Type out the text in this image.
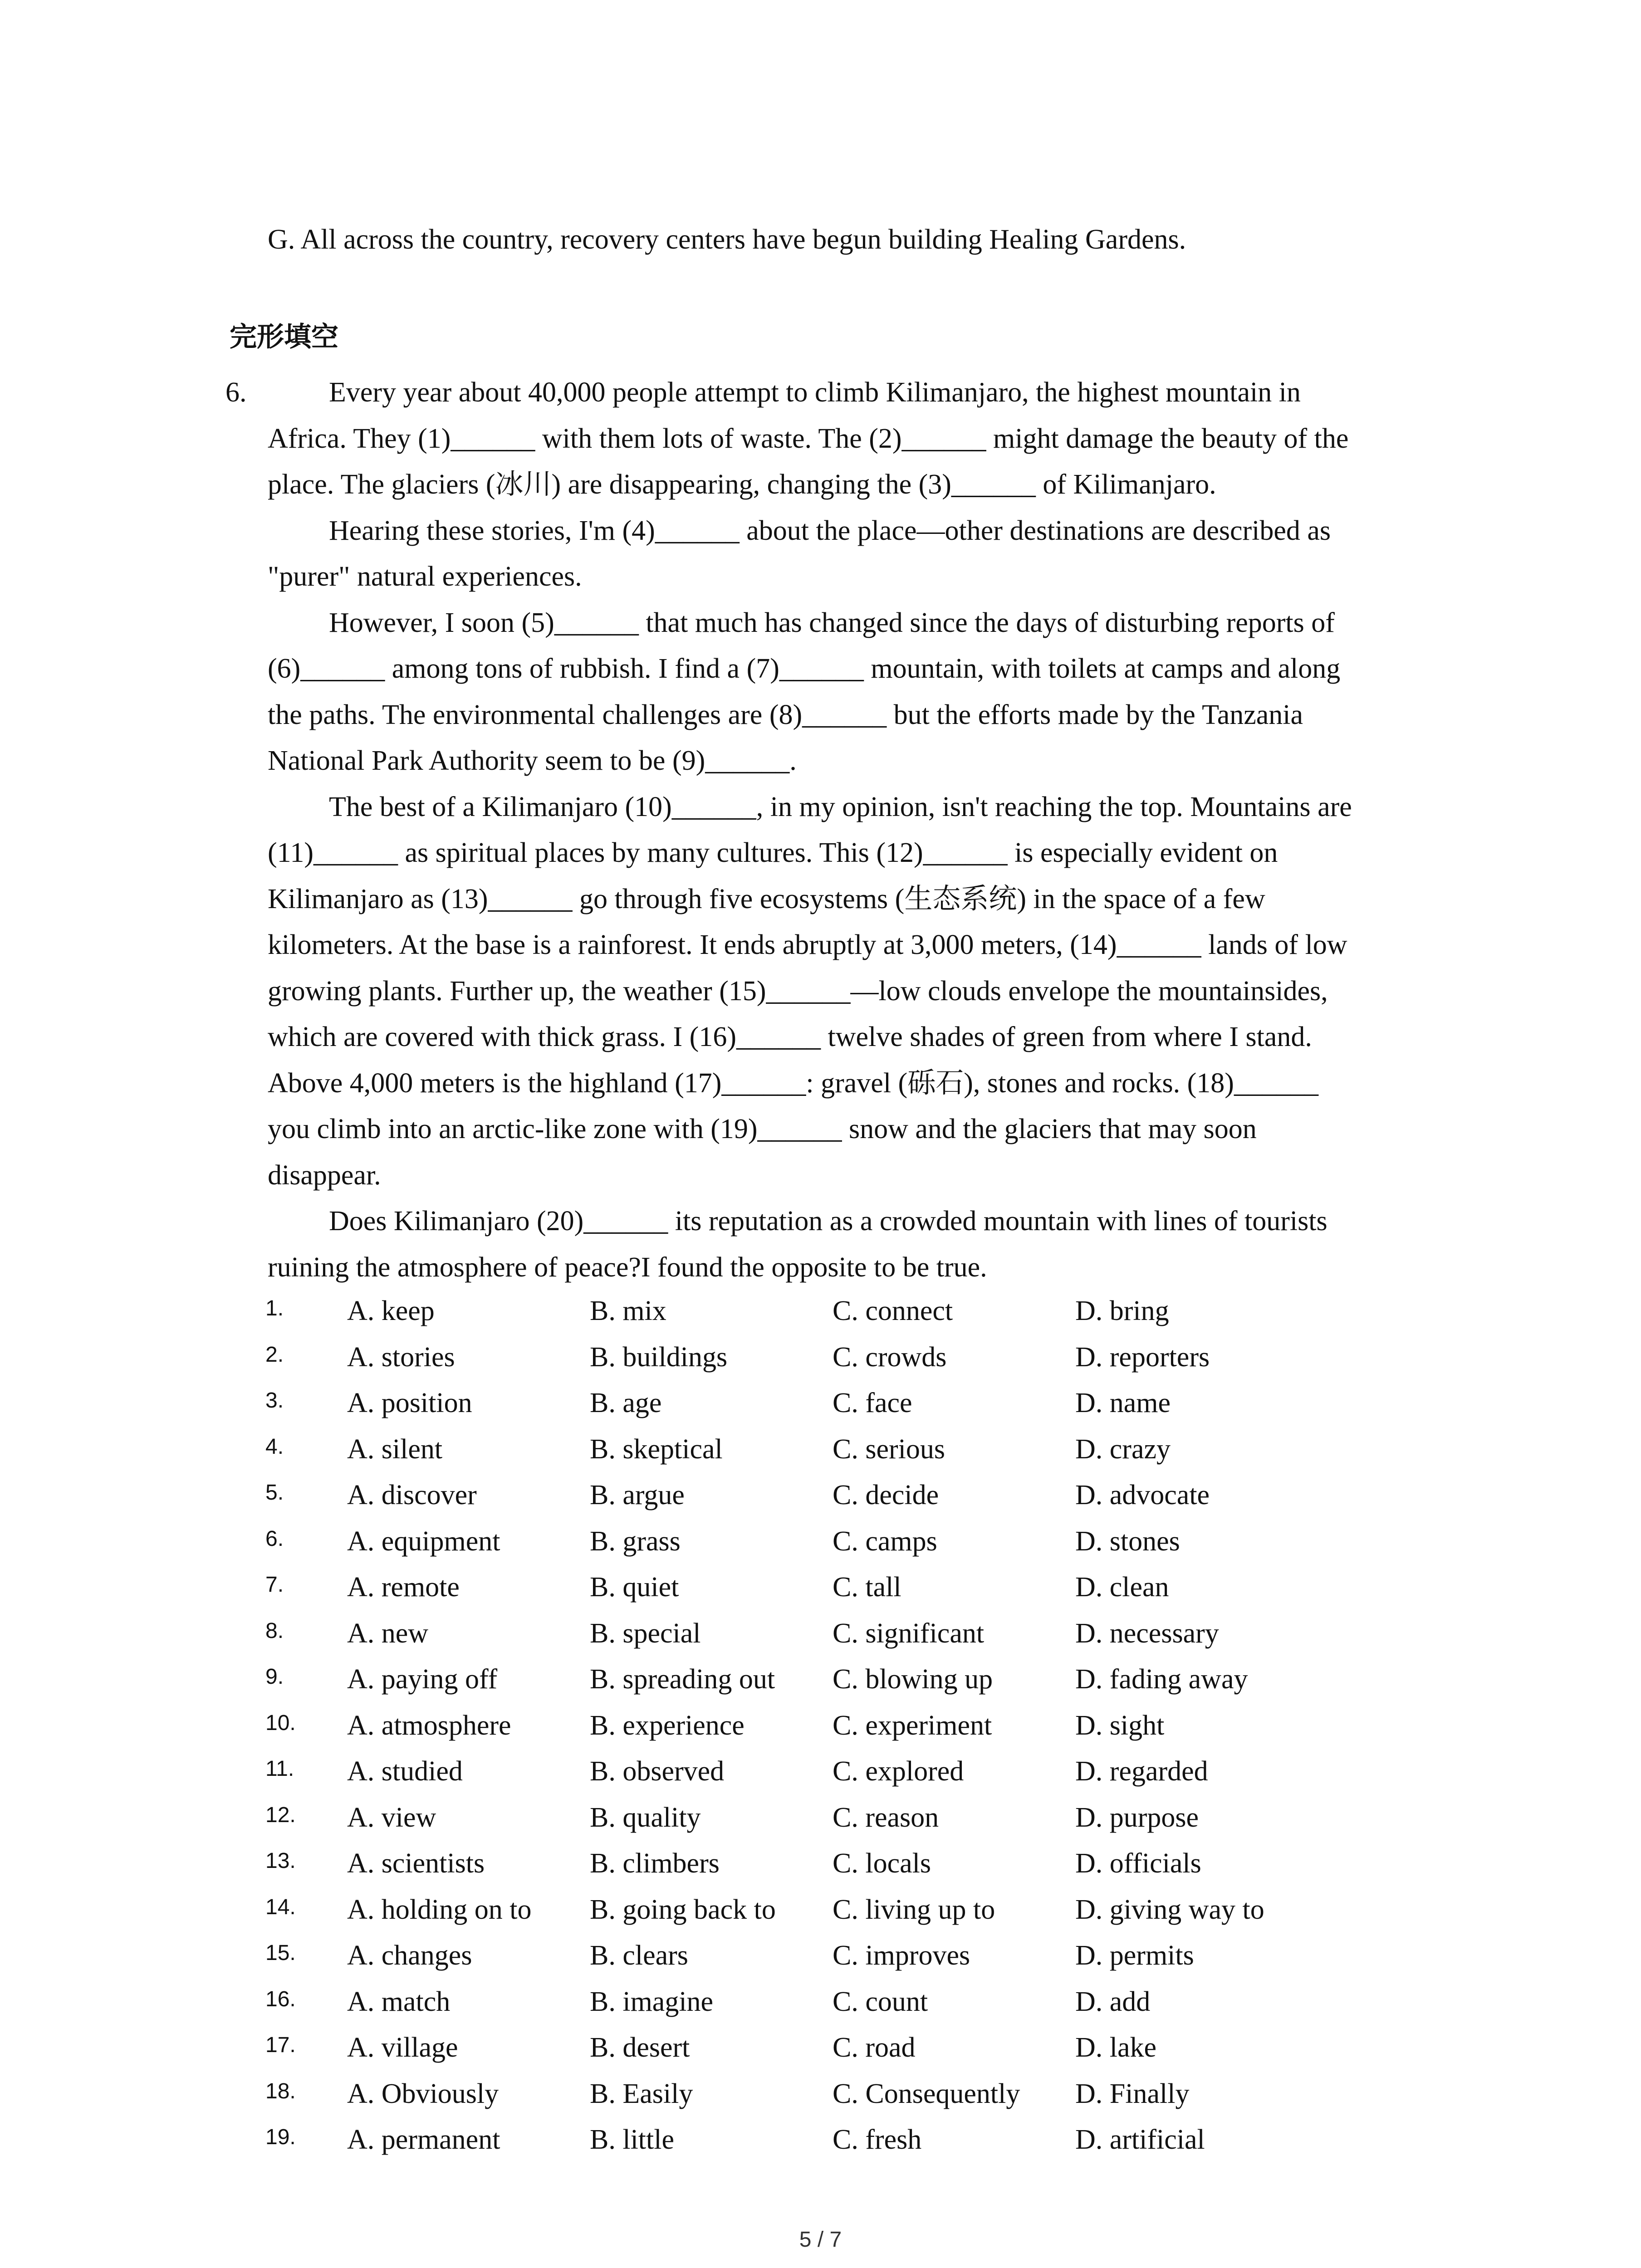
G. All across the country, recovery centers have begun building Healing Gardens.
完形填空
6.	Every year about 40,000 people attempt to climb Kilimanjaro, the highest mountain in

Africa. They (1)______ with them lots of waste. The (2)______ might damage the beauty of the

place. The glaciers (冰川) are disappearing, changing the (3)______ of Kilimanjaro.

Hearing these stories, I'm (4)______ about the place—other destinations are described as

"purer" natural experiences.

However, I soon (5)______ that much has changed since the days of disturbing reports of

(6)______ among tons of rubbish. I find a (7)______ mountain, with toilets at camps and along

the paths. The environmental challenges are (8)______ but the efforts made by the Tanzania

National Park Authority seem to be (9)______.

The best of a Kilimanjaro (10)______, in my opinion, isn't reaching the top. Mountains are

(11)______ as spiritual places by many cultures. This (12)______ is especially evident on

Kilimanjaro as (13)______ go through five ecosystems (生态系统) in the space of a few

kilometers. At the base is a rainforest. It ends abruptly at 3,000 meters, (14)______ lands of low

growing plants. Further up, the weather (15)______—low clouds envelope the mountainsides,

which are covered with thick grass. I (16)______ twelve shades of green from where I stand.

Above 4,000 meters is the highland (17)______: gravel (砾石), stones and rocks. (18)______

you climb into an arctic-like zone with (19)______ snow and the glaciers that may soon

disappear.

Does Kilimanjaro (20)______ its reputation as a crowded mountain with lines of tourists

ruining the atmosphere of peace?I found the opposite to be true.

1. A. keep	B. mix	C. connect	D. bring
2. A. stories	B. buildings	C. crowds	D. reporters
3. A. position	B. age	C. face	D. name
4. A. silent	B. skeptical	C. serious	D. crazy
5. A. discover	B. argue	C. decide	D. advocate
6. A. equipment	B. grass	C. camps	D. stones
7. A. remote	B. quiet	C. tall	D. clean
8. A. new	B. special	C. significant	D. necessary
9. A. paying off	B. spreading out C. blowing up	D. fading away
10. A. atmosphere	B. experience	C. experiment	D. sight
11. A. studied	B. observed	C. explored	D. regarded
12. A. view	B. quality	C. reason	D. purpose
13. A. scientists	B. climbers	C. locals	D. officials
14. A. holding on to B. going back to C. living up to	D. giving way to
15. A. changes	B. clears	C. improves	D. permits
16. A. match	B. imagine	C. count	D. add
17. A. village	B. desert	C. road	D. lake
18. A. Obviously	B. Easily	C. Consequently D. Finally
19. A. permanent	B. little	C. fresh	D. artificial
5 / 7
